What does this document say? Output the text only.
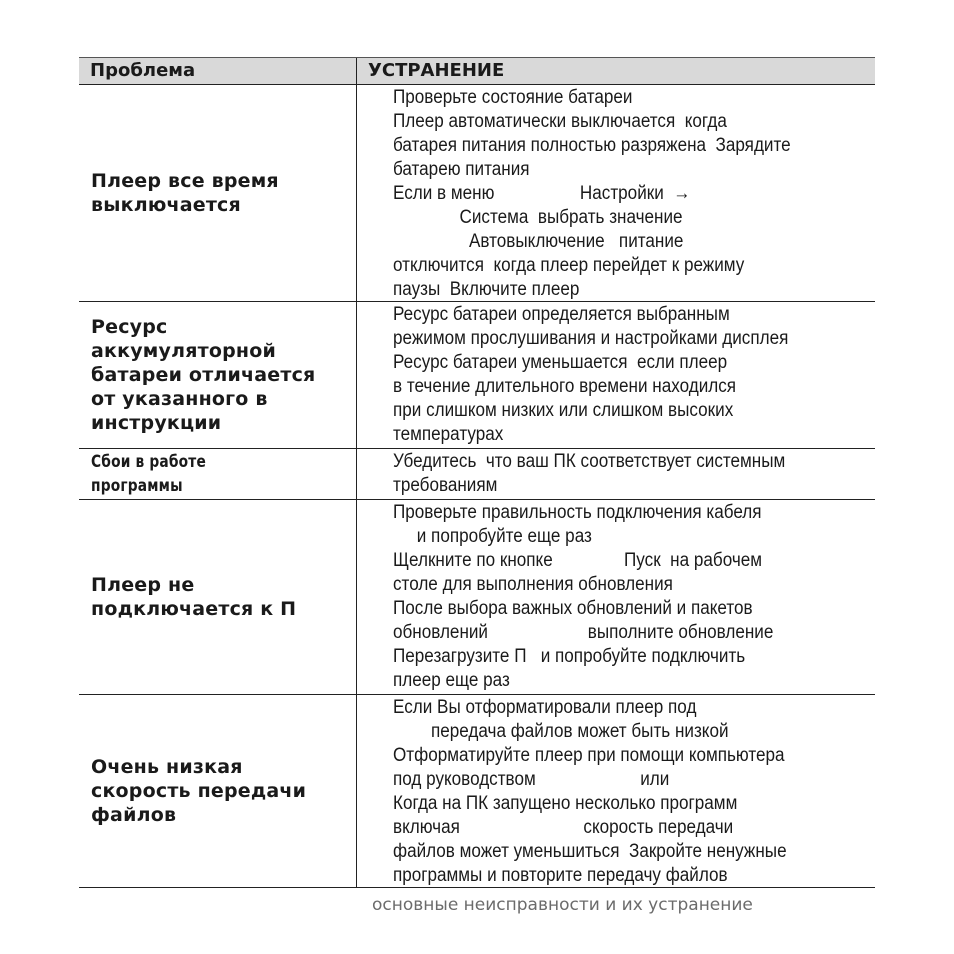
Проблема	УСТРАНЕНИЕ
Плеер все время
выключается
Проверьте состояние батареи
Плеер автоматически выключается  когда
батарея питания полностью разряжена  Зарядите
батарею питания
Если в меню                  Настройки  →
Система  выбрать значение
Автовыключение   питание
отключится  когда плеер перейдет к режиму
паузы  Включите плеер
Ресурс
аккумуляторной
батареи отличается
от указанного в
инструкции
Ресурс батареи определяется выбранным
режимом прослушивания и настройками дисплея
Ресурс батареи уменьшается  если плеер
в течение длительного времени находился
при слишком низких или слишком высоких
температурах
Сбои в работе
программы
Убедитесь  что ваш ПК соответствует системным
требованиям
Плеер не
подключается к П
Проверьте правильность подключения кабеля
и попробуйте еще раз
Щелкните по кнопке               Пуск  на рабочем
столе для выполнения обновления
После выбора важных обновлений и пакетов
обновлений                     выполните обновление
Перезагрузите П   и попробуйте подключить
плеер еще раз
Очень низкая
скорость передачи
файлов
Если Вы отформатировали плеер под
передача файлов может быть низкой
Отформатируйте плеер при помощи компьютера
под руководством                      или
Когда на ПК запущено несколько программ
включая                          скорость передачи
файлов может уменьшиться  Закройте ненужные
программы и повторите передачу файлов
основные неисправности и их устранение
